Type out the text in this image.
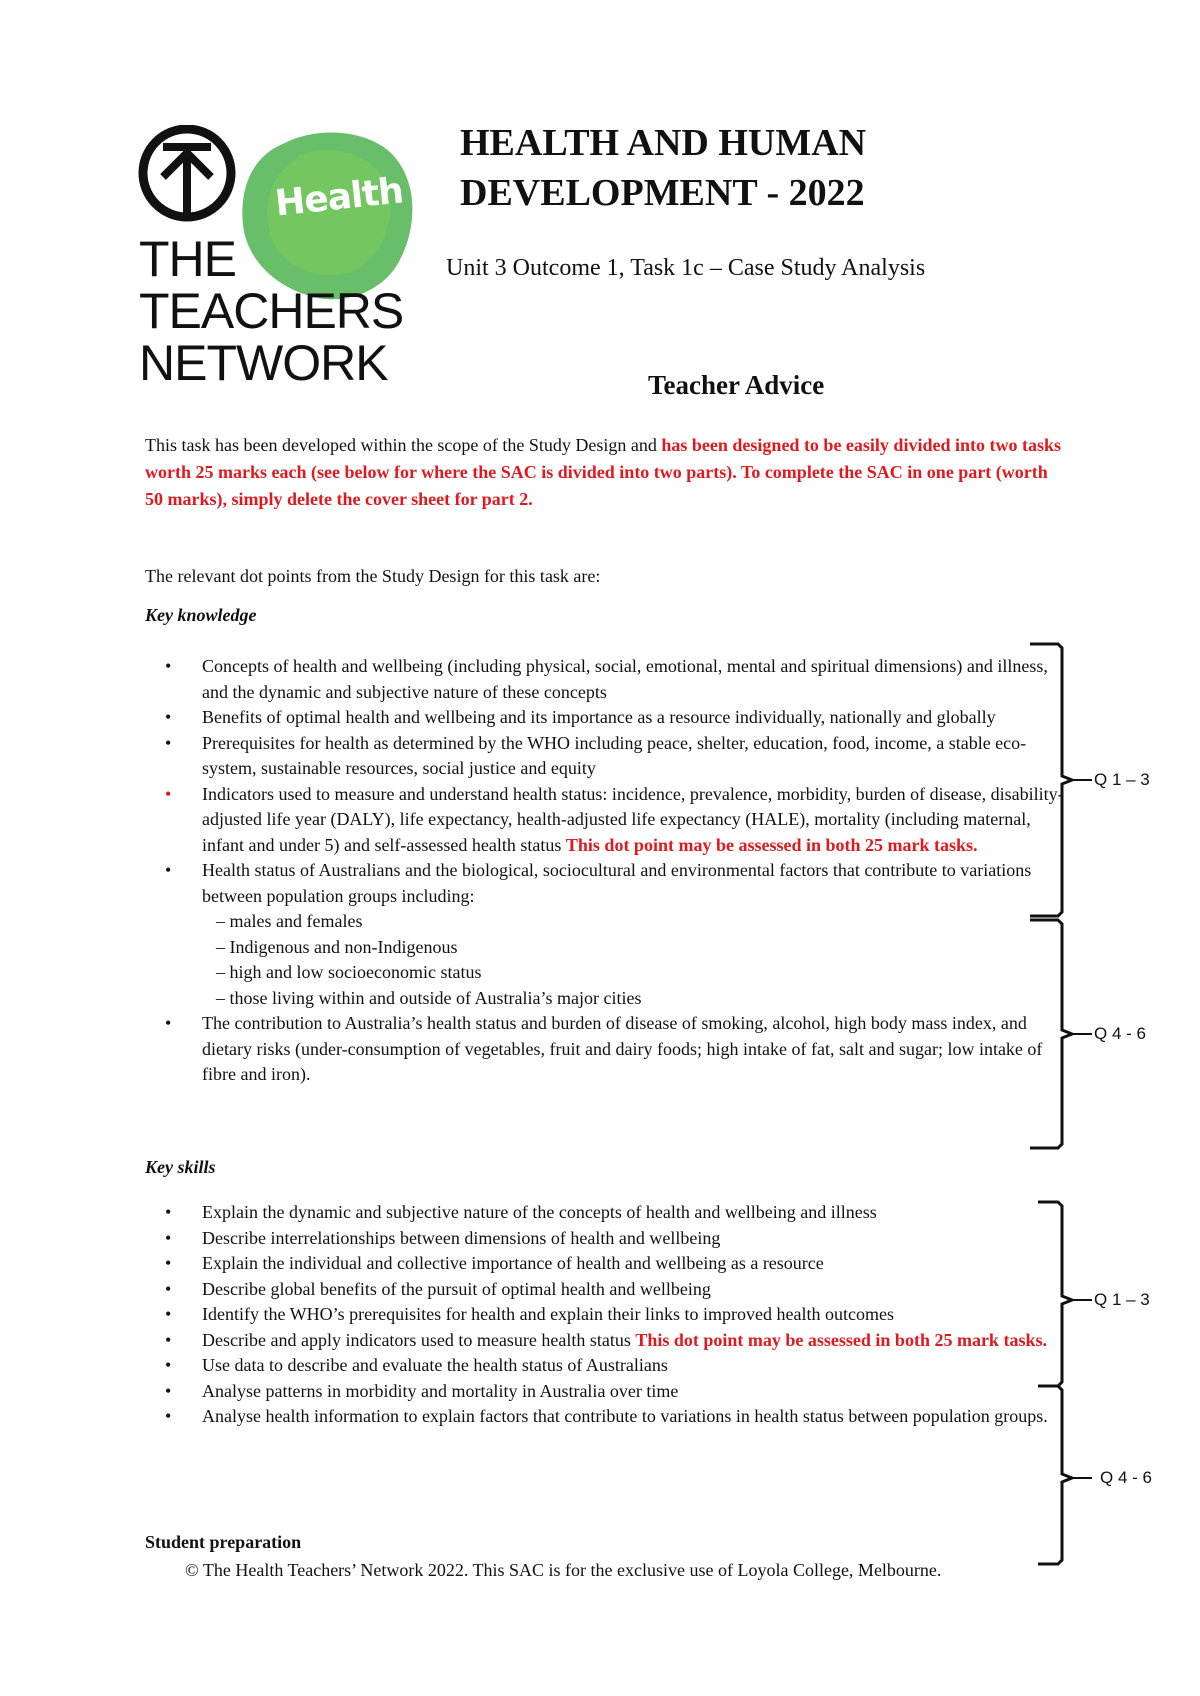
Health
THE
TEACHERS
NETWORK
HEALTH AND HUMAN
DEVELOPMENT - 2022

Unit 3 Outcome 1, Task 1c – Case Study Analysis

Teacher Advice

This task has been developed within the scope of the Study Design and has been designed to be easily divided into two tasks worth 25 marks each (see below for where the SAC is divided into two parts). To complete the SAC in one part (worth 50 marks), simply delete the cover sheet for part 2.

The relevant dot points from the Study Design for this task are:

Key knowledge

• Concepts of health and wellbeing (including physical, social, emotional, mental and spiritual dimensions) and illness, and the dynamic and subjective nature of these concepts
• Benefits of optimal health and wellbeing and its importance as a resource individually, nationally and globally
• Prerequisites for health as determined by the WHO including peace, shelter, education, food, income, a stable eco-system, sustainable resources, social justice and equity
• Indicators used to measure and understand health status: incidence, prevalence, morbidity, burden of disease, disability-adjusted life year (DALY), life expectancy, health-adjusted life expectancy (HALE), mortality (including maternal, infant and under 5) and self-assessed health status This dot point may be assessed in both 25 mark tasks.
• Health status of Australians and the biological, sociocultural and environmental factors that contribute to variations between population groups including:
– males and females
– Indigenous and non-Indigenous
– high and low socioeconomic status
– those living within and outside of Australia’s major cities
• The contribution to Australia’s health status and burden of disease of smoking, alcohol, high body mass index, and dietary risks (under-consumption of vegetables, fruit and dairy foods; high intake of fat, salt and sugar; low intake of fibre and iron).

Key skills

• Explain the dynamic and subjective nature of the concepts of health and wellbeing and illness
• Describe interrelationships between dimensions of health and wellbeing
• Explain the individual and collective importance of health and wellbeing as a resource
• Describe global benefits of the pursuit of optimal health and wellbeing
• Identify the WHO’s prerequisites for health and explain their links to improved health outcomes
• Describe and apply indicators used to measure health status This dot point may be assessed in both 25 mark tasks.
• Use data to describe and evaluate the health status of Australians
• Analyse patterns in morbidity and mortality in Australia over time
• Analyse health information to explain factors that contribute to variations in health status between population groups.
Q 1 – 3
Q 4 - 6
Q 1 – 3
Q 4 - 6

Student preparation

© The Health Teachers’ Network 2022. This SAC is for the exclusive use of Loyola College, Melbourne.
